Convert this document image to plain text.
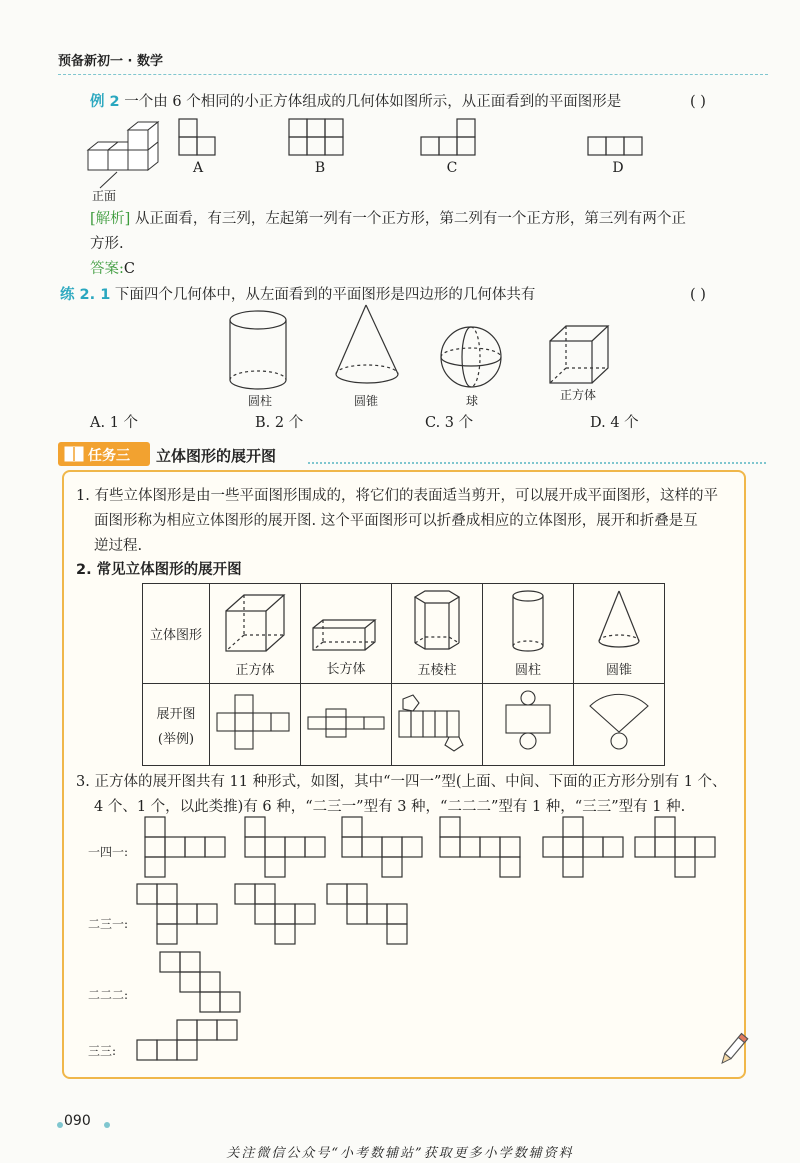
预备新初一 · 数学
例 2 一个由 6 个相同的小正方体组成的几何体如图所示，从正面看到的平面图形是	( )
正面
A	B	C	D
[解析] 从正面看，有三列，左起第一列有一个正方形，第二列有一个正方形，第三列有两个正
方形.
答案:C
练 2. 1 下面四个几何体中，从左面看到的平面图形是四边形的几何体共有	( )
圆柱	圆锥	球	正方体
A. 1 个	B. 2 个	C. 3 个	D. 4 个
任务三 立体图形的展开图
1. 有些立体图形是由一些平面图形围成的，将它们的表面适当剪开，可以展开成平面图形，这样的平
面图形称为相应立体图形的展开图. 这个平面图形可以折叠成相应的立体图形，展开和折叠是互
逆过程.
2. 常见立体图形的展开图
立体图形	正方体	长方体	五棱柱	圆柱	圆锥

展开图
(举例)

3. 正方体的展开图共有 11 种形式，如图，其中“一四一”型(上面、中间、下面的正方形分别有 1 个、
4 个、1 个，以此类推)有 6 种，“二三一”型有 3 种，“二二二”型有 1 种，“三三”型有 1 种.
一四一:
二三一:
二二二:
三三:
090
关注微信公众号“小考数辅站”获取更多小学数辅资料
